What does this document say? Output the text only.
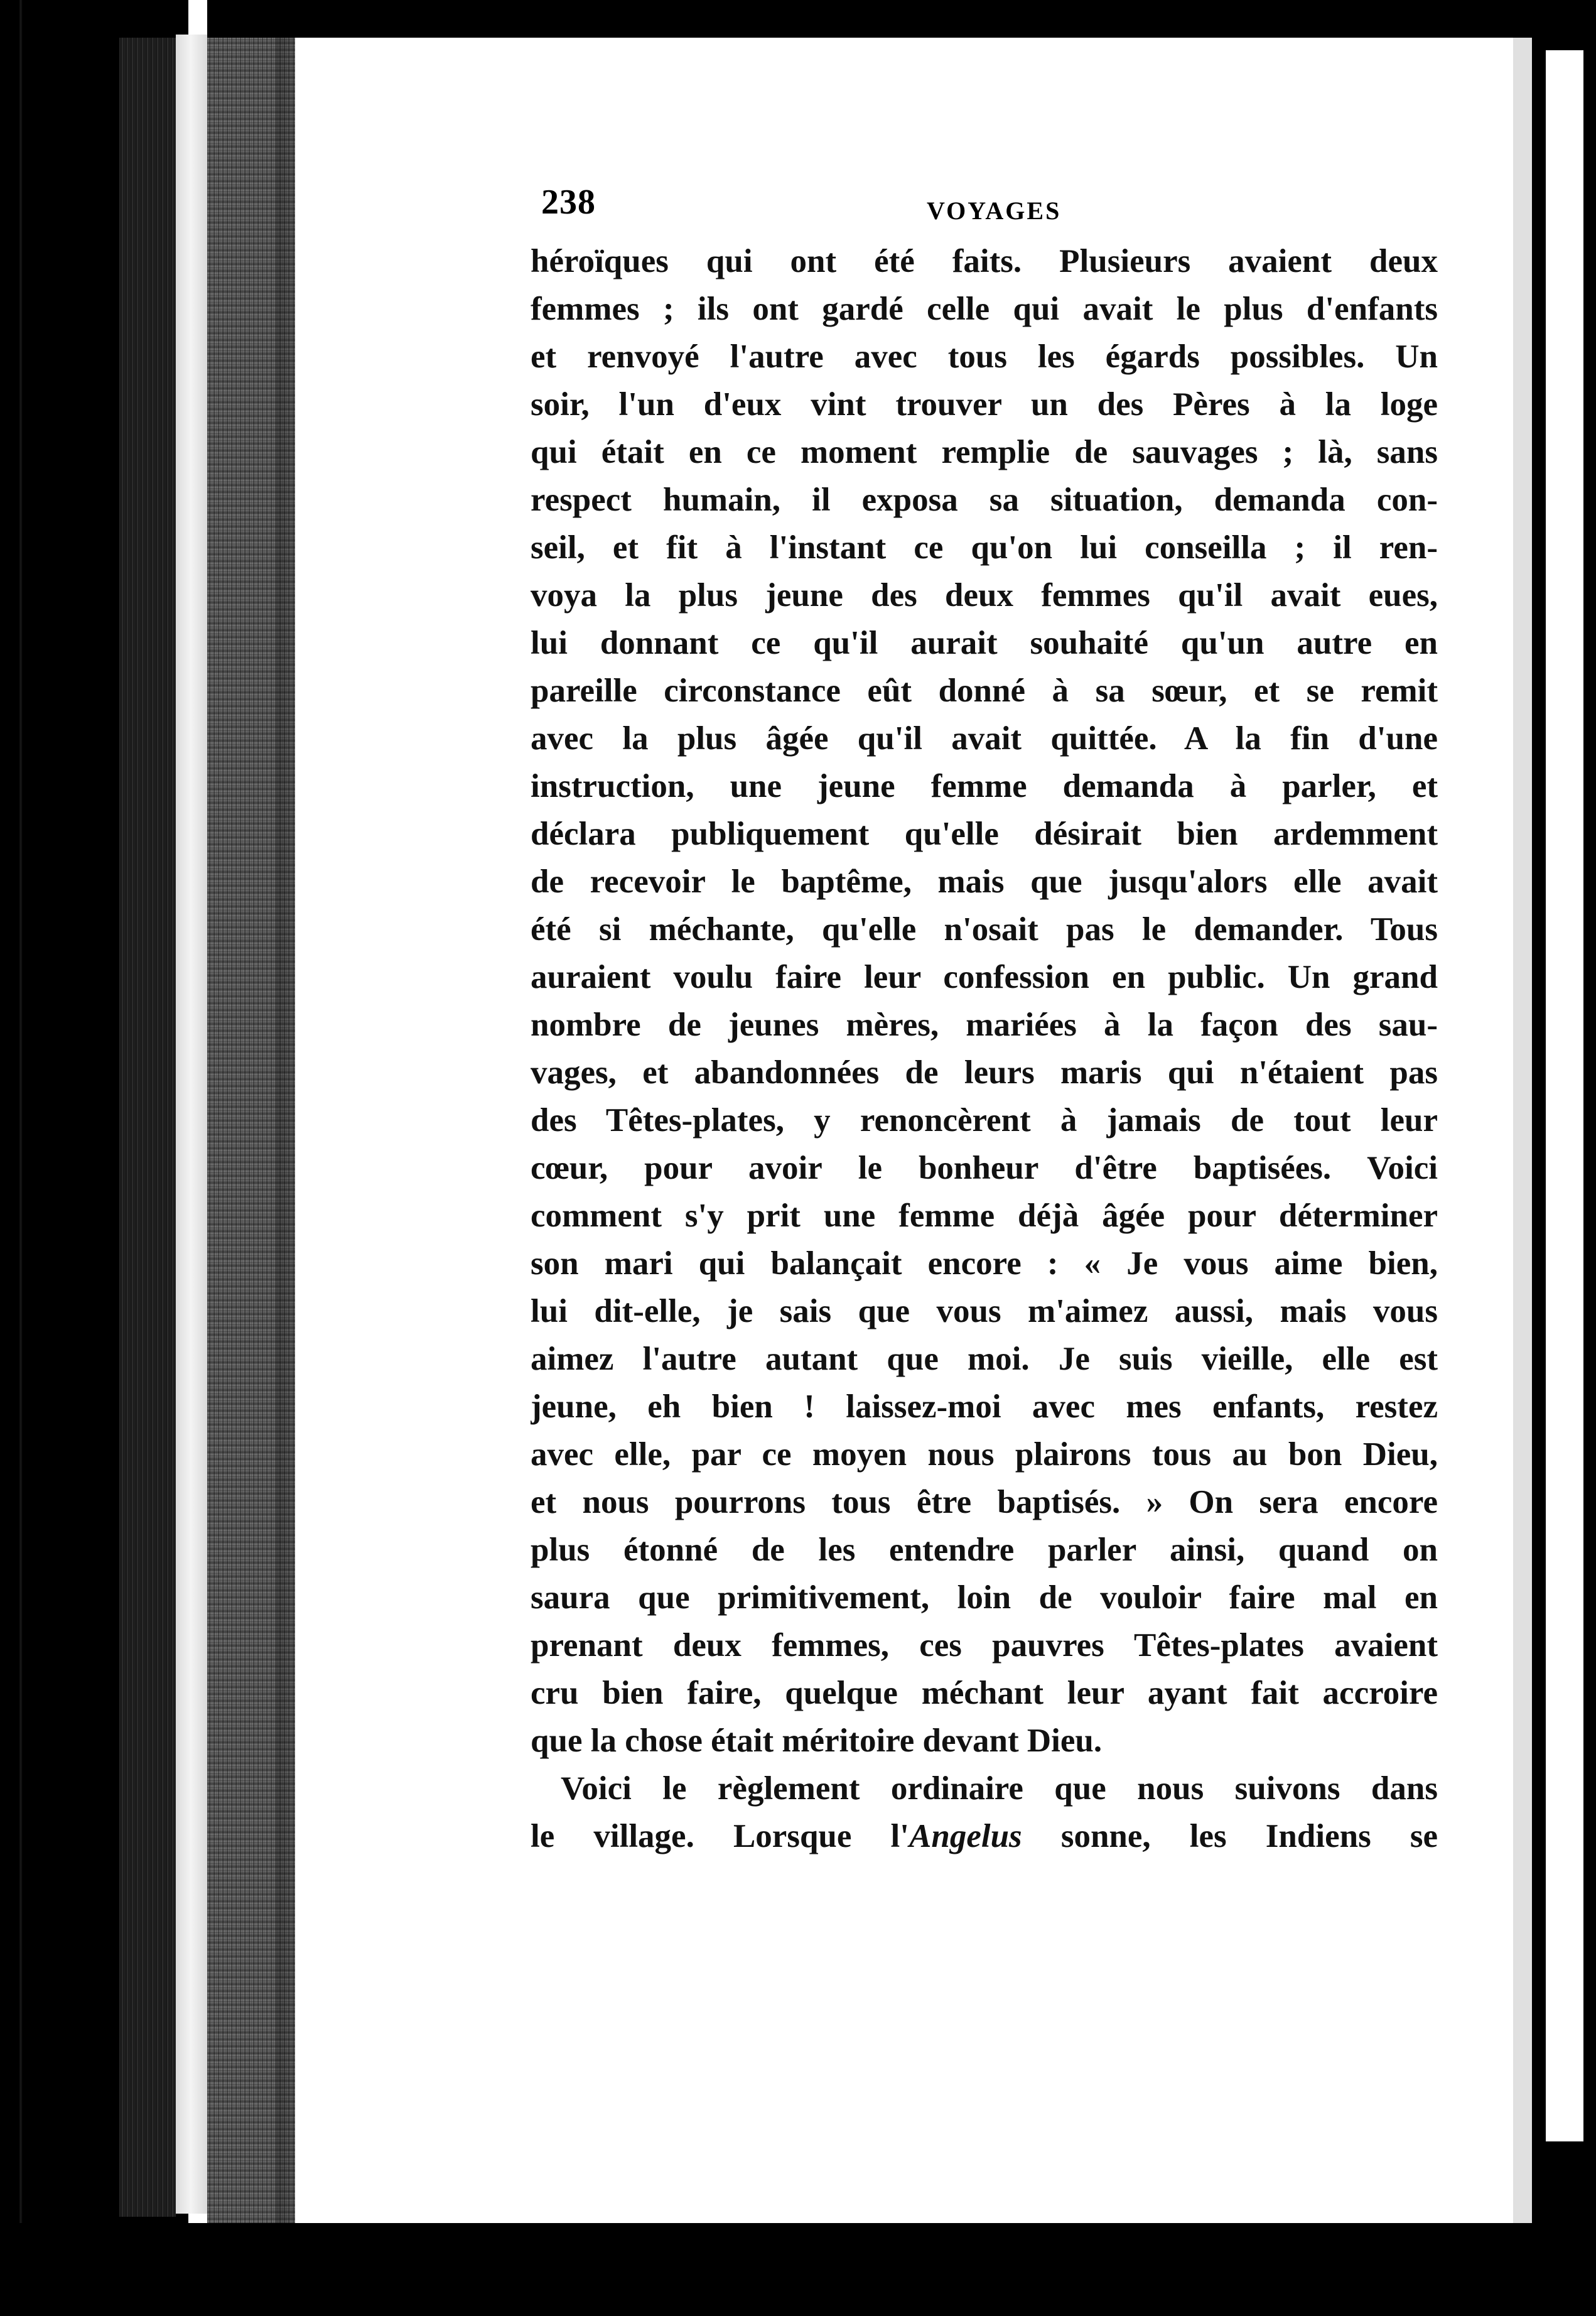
238	VOYAGES
héroïques qui ont été faits. Plusieurs avaient deux
femmes ; ils ont gardé celle qui avait le plus d'enfants
et renvoyé l'autre avec tous les égards possibles. Un
soir, l'un d'eux vint trouver un des Pères à la loge
qui était en ce moment remplie de sauvages ; là, sans
respect humain, il exposa sa situation, demanda con-
seil, et fit à l'instant ce qu'on lui conseilla ; il ren-
voya la plus jeune des deux femmes qu'il avait eues,
lui donnant ce qu'il aurait souhaité qu'un autre en
pareille circonstance eût donné à sa sœur, et se remit
avec la plus âgée qu'il avait quittée. A la fin d'une
instruction, une jeune femme demanda à parler, et
déclara publiquement qu'elle désirait bien ardemment
de recevoir le baptême, mais que jusqu'alors elle avait
été si méchante, qu'elle n'osait pas le demander. Tous
auraient voulu faire leur confession en public. Un grand
nombre de jeunes mères, mariées à la façon des sau-
vages, et abandonnées de leurs maris qui n'étaient pas
des Têtes-plates, y renoncèrent à jamais de tout leur
cœur, pour avoir le bonheur d'être baptisées. Voici
comment s'y prit une femme déjà âgée pour déterminer
son mari qui balançait encore : « Je vous aime bien,
lui dit-elle, je sais que vous m'aimez aussi, mais vous
aimez l'autre autant que moi. Je suis vieille, elle est
jeune, eh bien ! laissez-moi avec mes enfants, restez
avec elle, par ce moyen nous plairons tous au bon Dieu,
et nous pourrons tous être baptisés. » On sera encore
plus étonné de les entendre parler ainsi, quand on
saura que primitivement, loin de vouloir faire mal en
prenant deux femmes, ces pauvres Têtes-plates avaient
cru bien faire, quelque méchant leur ayant fait accroire
que la chose était méritoire devant Dieu.
Voici le règlement ordinaire que nous suivons dans
le village. Lorsque l'Angelus sonne, les Indiens se
